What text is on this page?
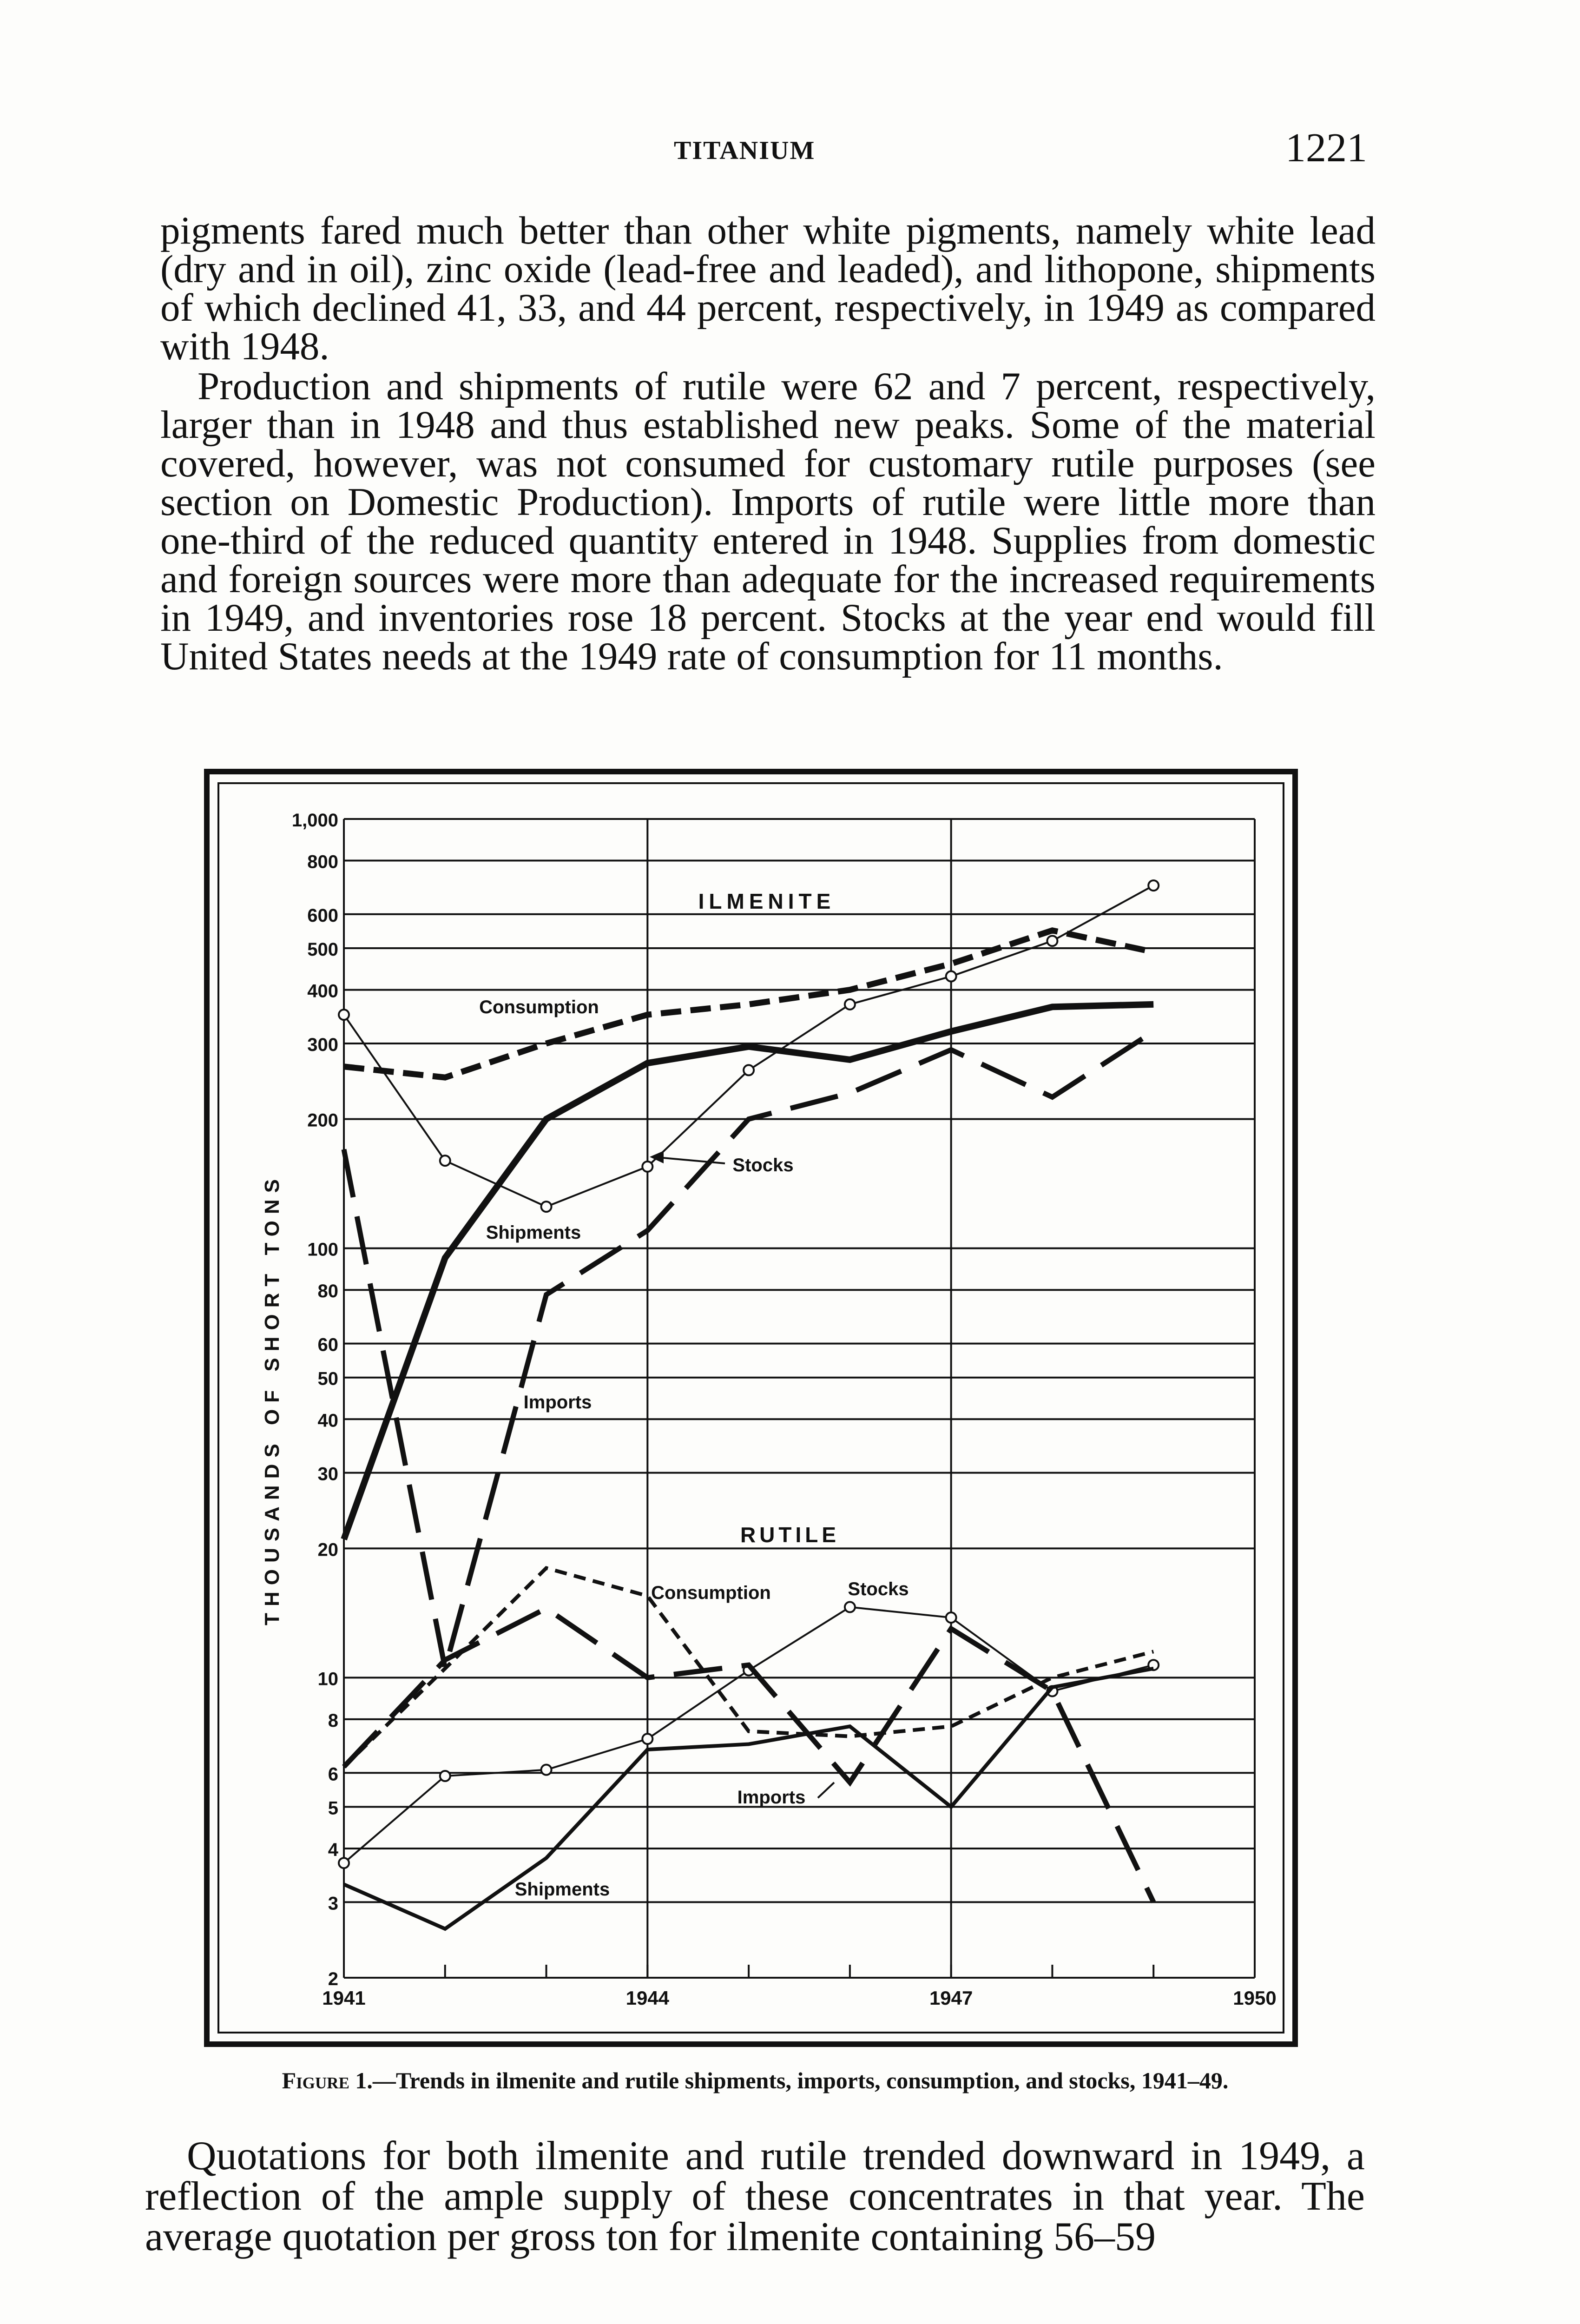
TITANIUM	1221

pigments fared much better than other white pigments, namely white lead (dry and in oil), zinc oxide (lead-free and leaded), and lithopone, shipments of which declined 41, 33, and 44 percent, respectively, in 1949 as compared with 1948.

Production and shipments of rutile were 62 and 7 percent, respectively, larger than in 1948 and thus established new peaks. Some of the material covered, however, was not consumed for customary rutile purposes (see section on Domestic Production). Imports of rutile were little more than one-third of the reduced quantity entered in 1948. Supplies from domestic and foreign sources were more than adequate for the increased requirements in 1949, and inventories rose 18 percent. Stocks at the year end would fill United States needs at the 1949 rate of consumption for 11 months.

2
3
4
5
6
8
10
20
30
40
50
60
80
100
200
300
400
500
600
800
1,000
1941	1944	1947	1950
THOUSANDS OF SHORT TONS
ILMENITE
Consumption
Stocks
Shipments
Imports
RUTILE
Consumption	Stocks
Imports
Shipments
Figure 1.—Trends in ilmenite and rutile shipments, imports, consumption, and stocks, 1941–49.

Quotations for both ilmenite and rutile trended downward in 1949, a reflection of the ample supply of these concentrates in that year. The average quotation per gross ton for ilmenite containing 56–59
